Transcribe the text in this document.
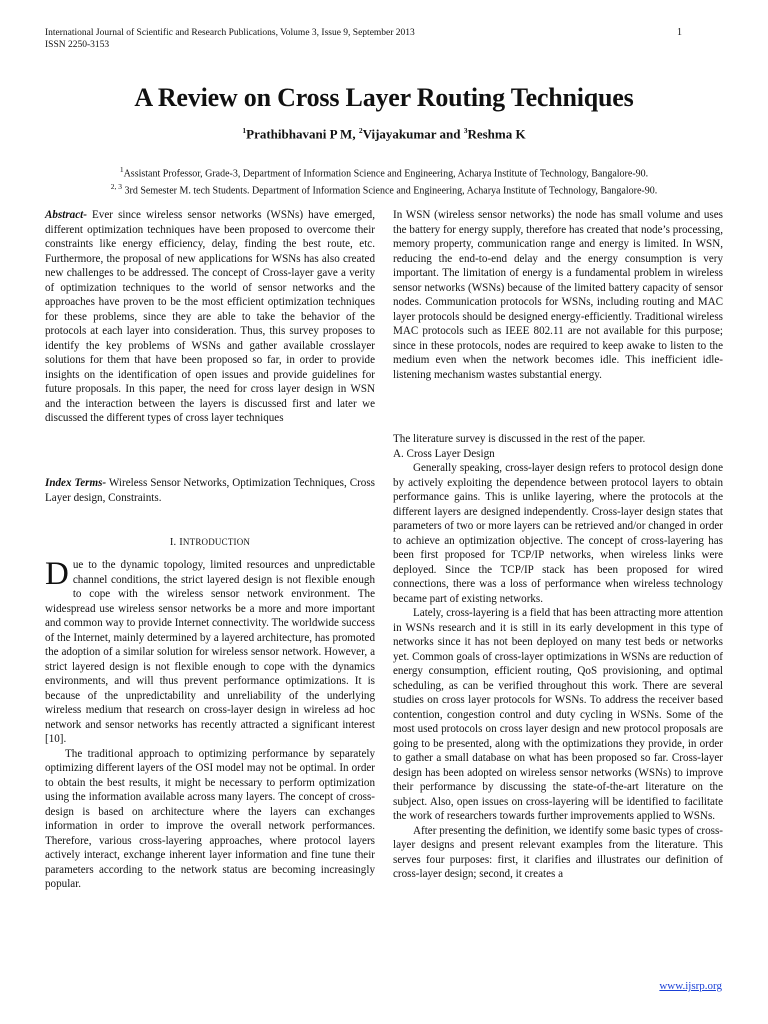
International Journal of Scientific and Research Publications, Volume 3, Issue 9, September 2013
ISSN 2250-3153
1
A Review on Cross Layer Routing Techniques
$^1$Prathibhavani P M, $^2$Vijayakumar and $^3$Reshma K
$^1$Assistant Professor, Grade-3, Department of Information Science and Engineering, Acharya Institute of Technology, Bangalore-90.
$^{2, 3}$ 3rd Semester M. tech Students. Department of Information Science and Engineering, Acharya Institute of Technology, Bangalore-90.

Abstract- Ever since wireless sensor networks (WSNs) have emerged, different optimization techniques have been proposed to overcome their constraints like energy efficiency, delay, finding the best route, etc. Furthermore, the proposal of new applications for WSNs has also created new challenges to be addressed. The concept of Cross-layer gave a verity of optimization techniques to the world of sensor networks and the approaches have proven to be the most efficient optimization techniques for these problems, since they are able to take the behavior of the protocols at each layer into consideration. Thus, this survey proposes to identify the key problems of WSNs and gather available crosslayer solutions for them that have been proposed so far, in order to provide insights on the identification of open issues and provide guidelines for future proposals. In this paper, the need for cross layer design in WSN and the interaction between the layers is discussed first and later we discussed the different types of cross layer techniques

Index Terms- Wireless Sensor Networks, Optimization Techniques, Cross Layer design, Constraints.

I. INTRODUCTION

Due to the dynamic topology, limited resources and unpredictable channel conditions, the strict layered design is not flexible enough to cope with the wireless sensor network environment. The widespread use wireless sensor networks be a more and more important and common way to provide Internet connectivity. The worldwide success of the Internet, mainly determined by a layered architecture, has promoted the adoption of a similar solution for wireless sensor network. However, a strict layered design is not flexible enough to cope with the dynamics environments, and will thus prevent performance optimizations. It is because of the unpredictability and unreliability of the underlying wireless medium that research on cross-layer design in wireless ad hoc network and sensor networks has recently attracted a significant interest [10].

The traditional approach to optimizing performance by separately optimizing different layers of the OSI model may not be optimal. In order to obtain the best results, it might be necessary to perform optimization using the information available across many layers. The concept of cross-design is based on architecture where the layers can exchanges information in order to improve the overall network performances. Therefore, various cross-layering approaches, where protocol layers actively interact, exchange inherent layer information and fine tune their parameters according to the network status are becoming increasingly popular.

In WSN (wireless sensor networks) the node has small volume and uses the battery for energy supply, therefore has created that node’s processing, memory property, communication range and energy is limited. In WSN, reducing the end-to-end delay and the energy consumption is very important. The limitation of energy is a fundamental problem in wireless sensor networks (WSNs) because of the limited battery capacity of sensor nodes. Communication protocols for WSNs, including routing and MAC layer protocols should be designed energy-efficiently. Traditional wireless MAC protocols such as IEEE 802.11 are not available for this purpose; since in these protocols, nodes are required to keep awake to listen to the medium even when the network becomes idle. This inefficient idle-listening mechanism wastes substantial energy.

The literature survey is discussed in the rest of the paper.

A. Cross Layer Design

Generally speaking, cross-layer design refers to protocol design done by actively exploiting the dependence between protocol layers to obtain performance gains. This is unlike layering, where the protocols at the different layers are designed independently. Cross-layer design states that parameters of two or more layers can be retrieved and/or changed in order to achieve an optimization objective. The concept of cross-layering has been first proposed for TCP/IP networks, when wireless links were deployed. Since the TCP/IP stack has been proposed for wired connections, there was a loss of performance when wireless technology became part of existing networks.

Lately, cross-layering is a field that has been attracting more attention in WSNs research and it is still in its early development in this type of networks since it has not been deployed on many test beds or networks yet. Common goals of cross-layer optimizations in WSNs are reduction of energy consumption, efficient routing, QoS provisioning, and optimal scheduling, as can be verified throughout this work. There are several studies on cross layer protocols for WSNs. To address the receiver based contention, congestion control and duty cycling in WSNs. Some of the most used protocols on cross layer design and new protocol proposals are going to be presented, along with the optimizations they provide, in order to gather a small database on what has been proposed so far. Cross-layer design has been adopted on wireless sensor networks (WSNs) to improve their performance by discussing the state-of-the-art literature on the subject. Also, open issues on cross-layering will be identified to facilitate the work of researchers towards further improvements applied to WSNs.

After presenting the definition, we identify some basic types of cross-layer designs and present relevant examples from the literature. This serves four purposes: first, it clarifies and illustrates our definition of cross-layer design; second, it creates a

www.ijsrp.org
